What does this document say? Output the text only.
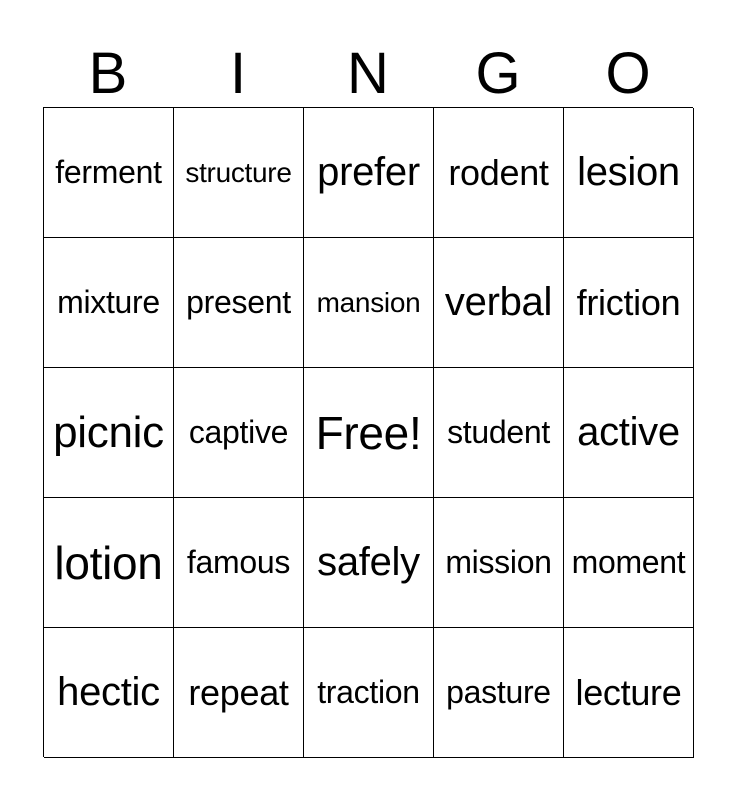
B	I	N	G	O
ferment structure prefer rodent lesion
mixture present mansion verbal friction
picnic captive Free! student active
lotion famous safely mission moment
hectic repeat traction pasture lecture
